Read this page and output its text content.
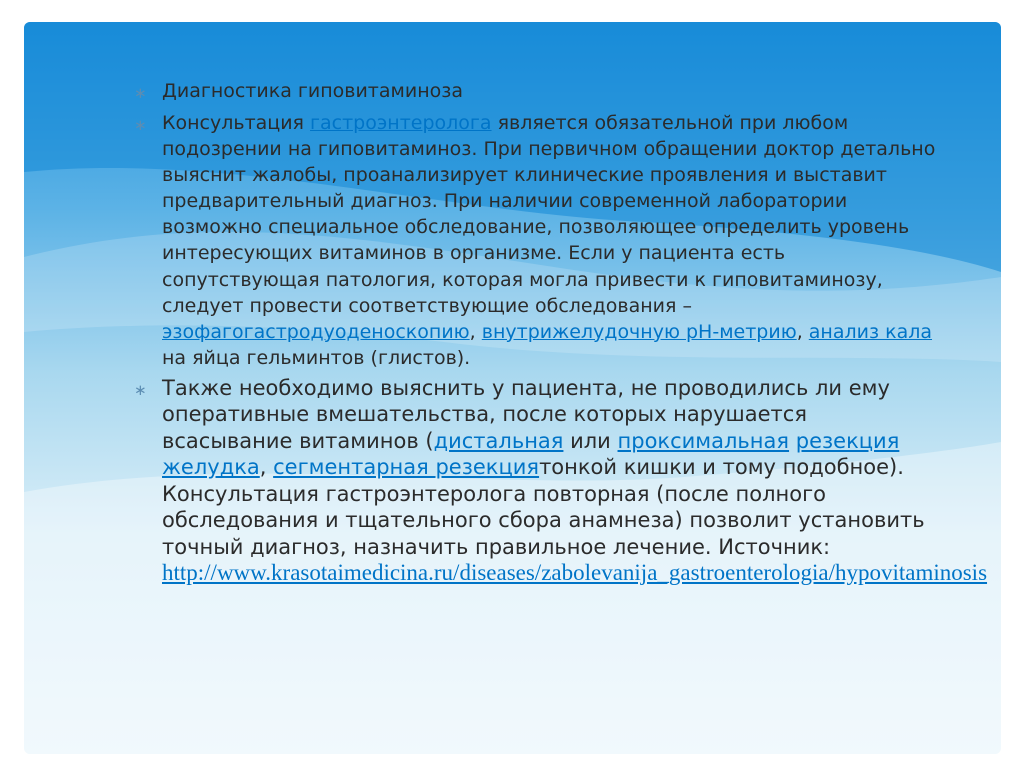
∗ Диагностика гиповитаминоза
∗ Консультация гастроэнтеролога является обязательной при любом подозрении на гиповитаминоз. При первичном обращении доктор детально выяснит жалобы, проанализирует клинические проявления и выставит предварительный диагноз. При наличии современной лаборатории возможно специальное обследование, позволяющее определить уровень интересующих витаминов в организме. Если у пациента есть сопутствующая патология, которая могла привести к гиповитаминозу, следует провести соответствующие обследования – эзофагогастродуоденоскопию, внутрижелудочную pH-метрию, анализ кала на яйца гельминтов (глистов).
∗ Также необходимо выяснить у пациента, не проводились ли ему оперативные вмешательства, после которых нарушается всасывание витаминов (дистальная или проксимальная резекция желудка, сегментарная резекциятонкой кишки и тому подобное). Консультация гастроэнтеролога повторная (после полного обследования и тщательного сбора анамнеза) позволит установить точный диагноз, назначить правильное лечение. Источник: http://www.krasotaimedicina.ru/diseases/zabolevanija_gastroenterologia/hypovitaminosis
